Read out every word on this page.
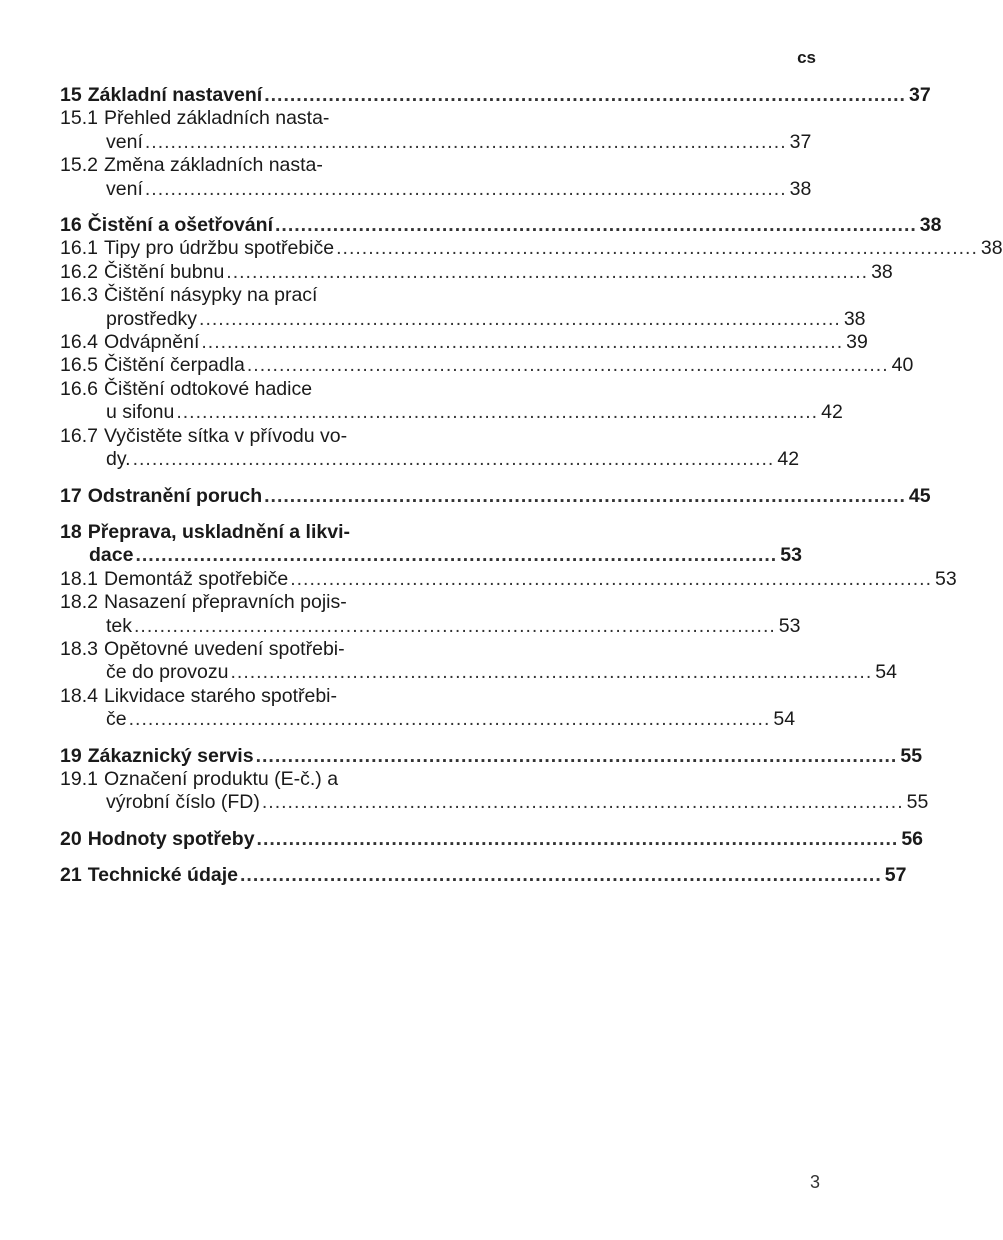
cs
15 Základní nastavení .................................................................................................... 37
15.1 Přehled základních nasta-
vení .................................................................................................... 37
15.2 Změna základních nasta-
vení .................................................................................................... 38
16 Čistění a ošetřování .................................................................................................... 38
16.1 Tipy pro údržbu spotřebiče .................................................................................................... 38
16.2 Čištění bubnu .................................................................................................... 38
16.3 Čištění násypky na prací
prostředky .................................................................................................... 38
16.4 Odvápnění .................................................................................................... 39
16.5 Čištění čerpadla .................................................................................................... 40
16.6 Čištění odtokové hadice
u sifonu .................................................................................................... 42
16.7 Vyčistěte sítka v přívodu vo-
dy. .................................................................................................... 42
17 Odstranění poruch .................................................................................................... 45
18 Přeprava, uskladnění a likvi-
dace .................................................................................................... 53
18.1 Demontáž spotřebiče .................................................................................................... 53
18.2 Nasazení přepravních pojis-
tek .................................................................................................... 53
18.3 Opětovné uvedení spotřebi-
če do provozu .................................................................................................... 54
18.4 Likvidace starého spotřebi-
če .................................................................................................... 54
19 Zákaznický servis .................................................................................................... 55
19.1 Označení produktu (E-č.) a
výrobní číslo (FD) .................................................................................................... 55
20 Hodnoty spotřeby .................................................................................................... 56
21 Technické údaje .................................................................................................... 57
3
